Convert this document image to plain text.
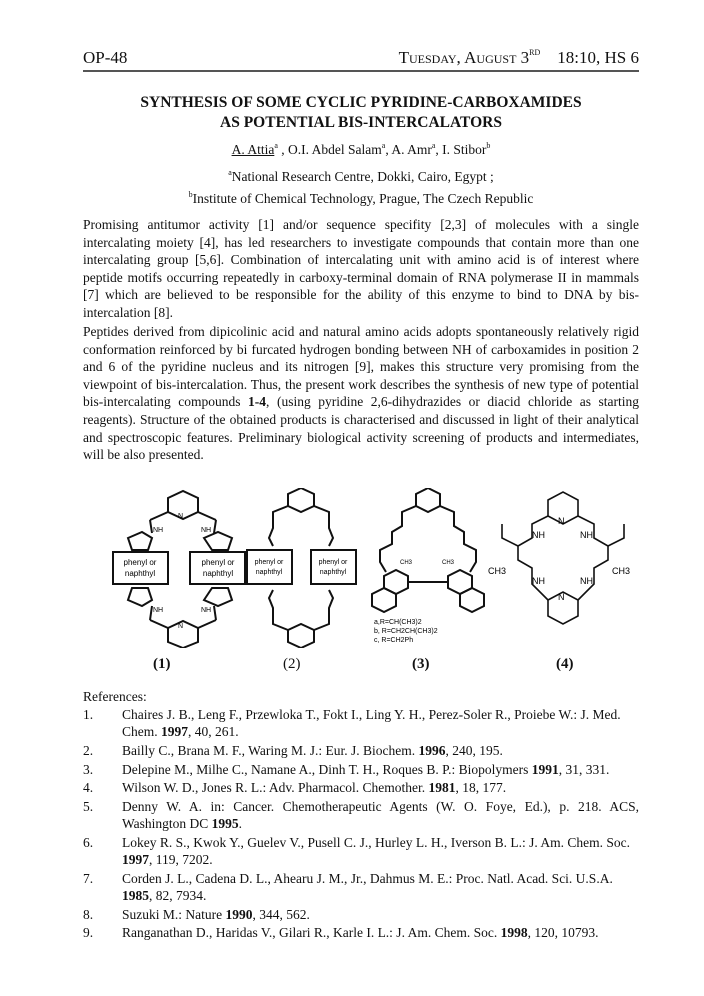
OP-48	Tuesday, August 3RD 18:10, HS 6
SYNTHESIS OF SOME CYCLIC PYRIDINE-CARBOXAMIDES
AS POTENTIAL BIS-INTERCALATORS
A. Attia$^a$ , O.I. Abdel Salam$^a$, A. Amr$^a$, I. Stibor$^b$
$^a$National Research Centre, Dokki, Cairo, Egypt ;
$^b$Institute of Chemical Technology, Prague, The Czech Republic
Promising antitumor activity [1] and/or sequence specifity [2,3] of molecules with a single intercalating moiety [4], has led researchers to investigate compounds that contain more than one intercalating group [5,6]. Combination of intercalating unit with amino acid is of interest where peptide motifs occurring repeatedly in carboxy-terminal domain of RNA polymerase II in mammals [7] which are believed to be responsible for the ability of this enzyme to bind to DNA by bis-intercalation [8].
Peptides derived from dipicolinic acid and natural amino acids adopts spontaneously relatively rigid conformation reinforced by bi furcated hydrogen bonding between NH of carboxamides in position 2 and 6 of the pyridine nucleus and its nitrogen [9], makes this structure very promising from the viewpoint of bis-intercalation. Thus, the present work describes the synthesis of new type of potential bis-intercalating compounds 1-4, (using pyridine 2,6-dihydrazides or diacid chloride as starting reagents). Structure of the obtained products is characterised and discussed in light of their analytical and spectroscopic features. Preliminary biological activity screening of products and intermediates, will be also presented.
phenyl or
naphthyl
phenyl or
naphthyl
N
NH	NH
NH	NH
N
(1)
phenyl or
naphthyl
phenyl or
naphthyl
(2)
CH3	CH3
a,R=CH(CH3)2
b, R=CH2CH(CH3)2
c, R=CH2Ph
(3)
NH	NH
NH	NH
N
N
CH3	CH3
(4)
References:
1.	Chaires J. B., Leng F., Przewloka T., Fokt I., Ling Y. H., Perez-Soler R., Proiebe W.: J. Med. Chem. 1997, 40, 261.
2.	Bailly C., Brana M. F., Waring M. J.: Eur. J. Biochem. 1996, 240, 195.
3.	Delepine M., Milhe C., Namane A., Dinh T. H., Roques B. P.: Biopolymers 1991, 31, 331.
4.	Wilson W. D., Jones R. L.: Adv. Pharmacol. Chemother. 1981, 18, 177.
5.	Denny W. A. in: Cancer. Chemotherapeutic Agents (W. O. Foye, Ed.), p. 218. ACS, Washington DC 1995.
6.	Lokey R. S., Kwok Y., Guelev V., Pusell C. J., Hurley L. H., Iverson B. L.: J. Am. Chem. Soc. 1997, 119, 7202.
7.	Corden J. L., Cadena D. L., Ahearu J. M., Jr., Dahmus M. E.: Proc. Natl. Acad. Sci. U.S.A. 1985, 82, 7934.
8.	Suzuki M.: Nature 1990, 344, 562.
9.	Ranganathan D., Haridas V., Gilari R., Karle I. L.: J. Am. Chem. Soc. 1998, 120, 10793.
